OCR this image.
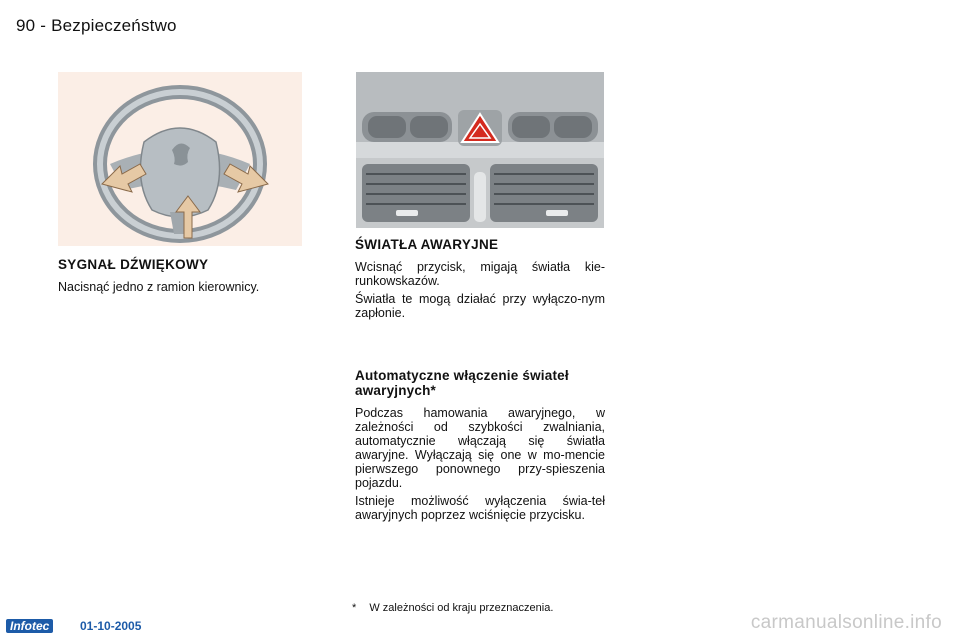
90 - Bezpieczeństwo
SYGNAŁ DŹWIĘKOWY

Nacisnąć jedno z ramion kierownicy.

ŚWIATŁA AWARYJNE

Wcisnąć przycisk, migają światła kie-runkowskazów.

Światła te mogą działać przy wyłączo-nym zapłonie.

Automatyczne włączenie świateł awaryjnych*

Podczas hamowania awaryjnego, w zależności od szybkości zwalniania, automatycznie włączają się światła awaryjne. Wyłączają się one w mo-mencie pierwszego ponownego przy-spieszenia pojazdu.

Istnieje możliwość wyłączenia świa-teł awaryjnych poprzez wciśnięcie przycisku.

* W zależności od kraju przeznaczenia.
Infotec	01-10-2005	carmanualsonline.info
